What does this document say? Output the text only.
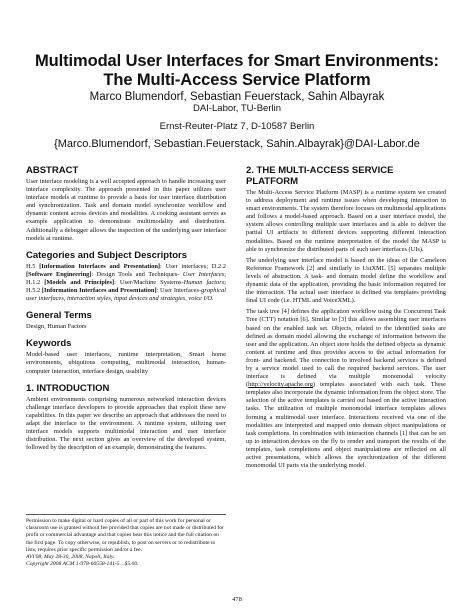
Multimodal User Interfaces for Smart Environments:
The Multi-Access Service Platform
Marco Blumendorf, Sebastian Feuerstack, Sahin Albayrak
DAI-Labor, TU-Berlin
Ernst-Reuter-Platz 7, D-10587 Berlin
{Marco.Blumendorf, Sebastian.Feuerstack, Sahin.Albayrak}@DAI-Labor.de
ABSTRACT

User interface modeling is a well accepted approach to handle increasing user interface complexity. The approach presented in this paper utilizes user interface models at runtime to provide a basis for user interface distribution and synchronization. Task and domain model synchronize workflow and dynamic content across devices and modalities. A cooking assistant serves as example application to demonstrate multimodality and distribution. Additionally a debugger allows the inspection of the underlying user interface models at runtime.

Categories and Subject Descriptors

H.5 [Information Interfaces and Presentation]: User interfaces; D.2.2 [Software Engineering]: Design Tools and Techniques- User Interfaces; H.1.2 [Models and Principles]: User/Machine Systems-Human factors; H.5.2 [Information Interfaces and Presentation]: User Interfaces-graphical user interfaces, interaction styles, input devices and strategies, voice I/O.

General Terms

Design, Human Factors

Keywords

Model-based user interfaces, runtime interpretation, Smart home environments, ubiquitous computing, multimodal interaction, human-computer interaction, interface design, usability

1. INTRODUCTION

Ambient environments comprising numerous networked interaction devices challenge interface developers to provide approaches that exploit these new capabilities. In this paper we describe an approach that addresses the need to adapt the interface to the environment. A runtime system, utilizing user interface models supports multimodal interaction and user interface distribution. The next section gives an overview of the developed system, followed by the description of an example, demonstrating the features.

Permission to make digital or hard copies of all or part of this work for personal or classroom use is granted without fee provided that copies are not made or distributed for profit or commercial advantage and that copies bear this notice and the full citation on the first page. To copy otherwise, or republish, to post on servers or to redistribute to lists, requires prior specific permission and/or a fee.

AVI'08, May 28-30, 2008, Napoli, Italy.

Copyright 2008 ACM 1-978-60558-141-5…$5.00.

2. THE MULTI-ACCESS SERVICE
PLATFORM

The Multi-Access Service Platform (MASP) is a runtime system we created to address deployment and runtime issues when developing interaction in smart environments. The system therefore focuses on multimodal applications and follows a model-based approach. Based on a user interface model, the system allows controlling multiple user interfaces and is able to deliver the partial UI artifacts to different devices supporting different interaction modalities. Based on the runtime interpretation of the model the MASP is able to synchronize the distributed parts of such user interfaces (UIs).

The underlying user interface model is based on the ideas of the Cameleon Reference Framework [2] and similarly to UsiXML [5] separates multiple levels of abstraction. A task- and domain model define the workflow and dynamic data of the application, providing the basic information required for the interaction. The actual user interface is defined via templates providing final UI code (i.e. HTML and VoiceXML).

The task tree [4] defines the application workflow using the Concurrent Task Tree (CTT) notation [6]. Similar to [3] this allows assembling user interfaces based on the enabled task set. Objects, related to the identified tasks are defined as domain model allowing the exchange of information between the user and the application. An object store holds the defined objects as dynamic content at runtime and thus provides access to the actual information for front- and backend. The connection to involved backend services is defined by a service model used to call the required backend services. The user interface is defined via multiple monomodal velocity (http://velocity.apache.org) templates associated with each task. These templates also incorporate the dynamic information from the object store. The selection of the active templates is carried out based on the active interaction tasks. The utilization of multiple monomodal interface templates allows forming a multimodal user interface. Interactions received via one of the modalities are interpreted and mapped onto domain object manipulations or task completions. In combination with interaction channels [1] that can be set up to interaction devices on the fly to render and transport the results of the templates, task completions and object manipulations are reflected on all active presentations, which allows the synchronization of the different monomodal UI parts via the underlying model.

478
